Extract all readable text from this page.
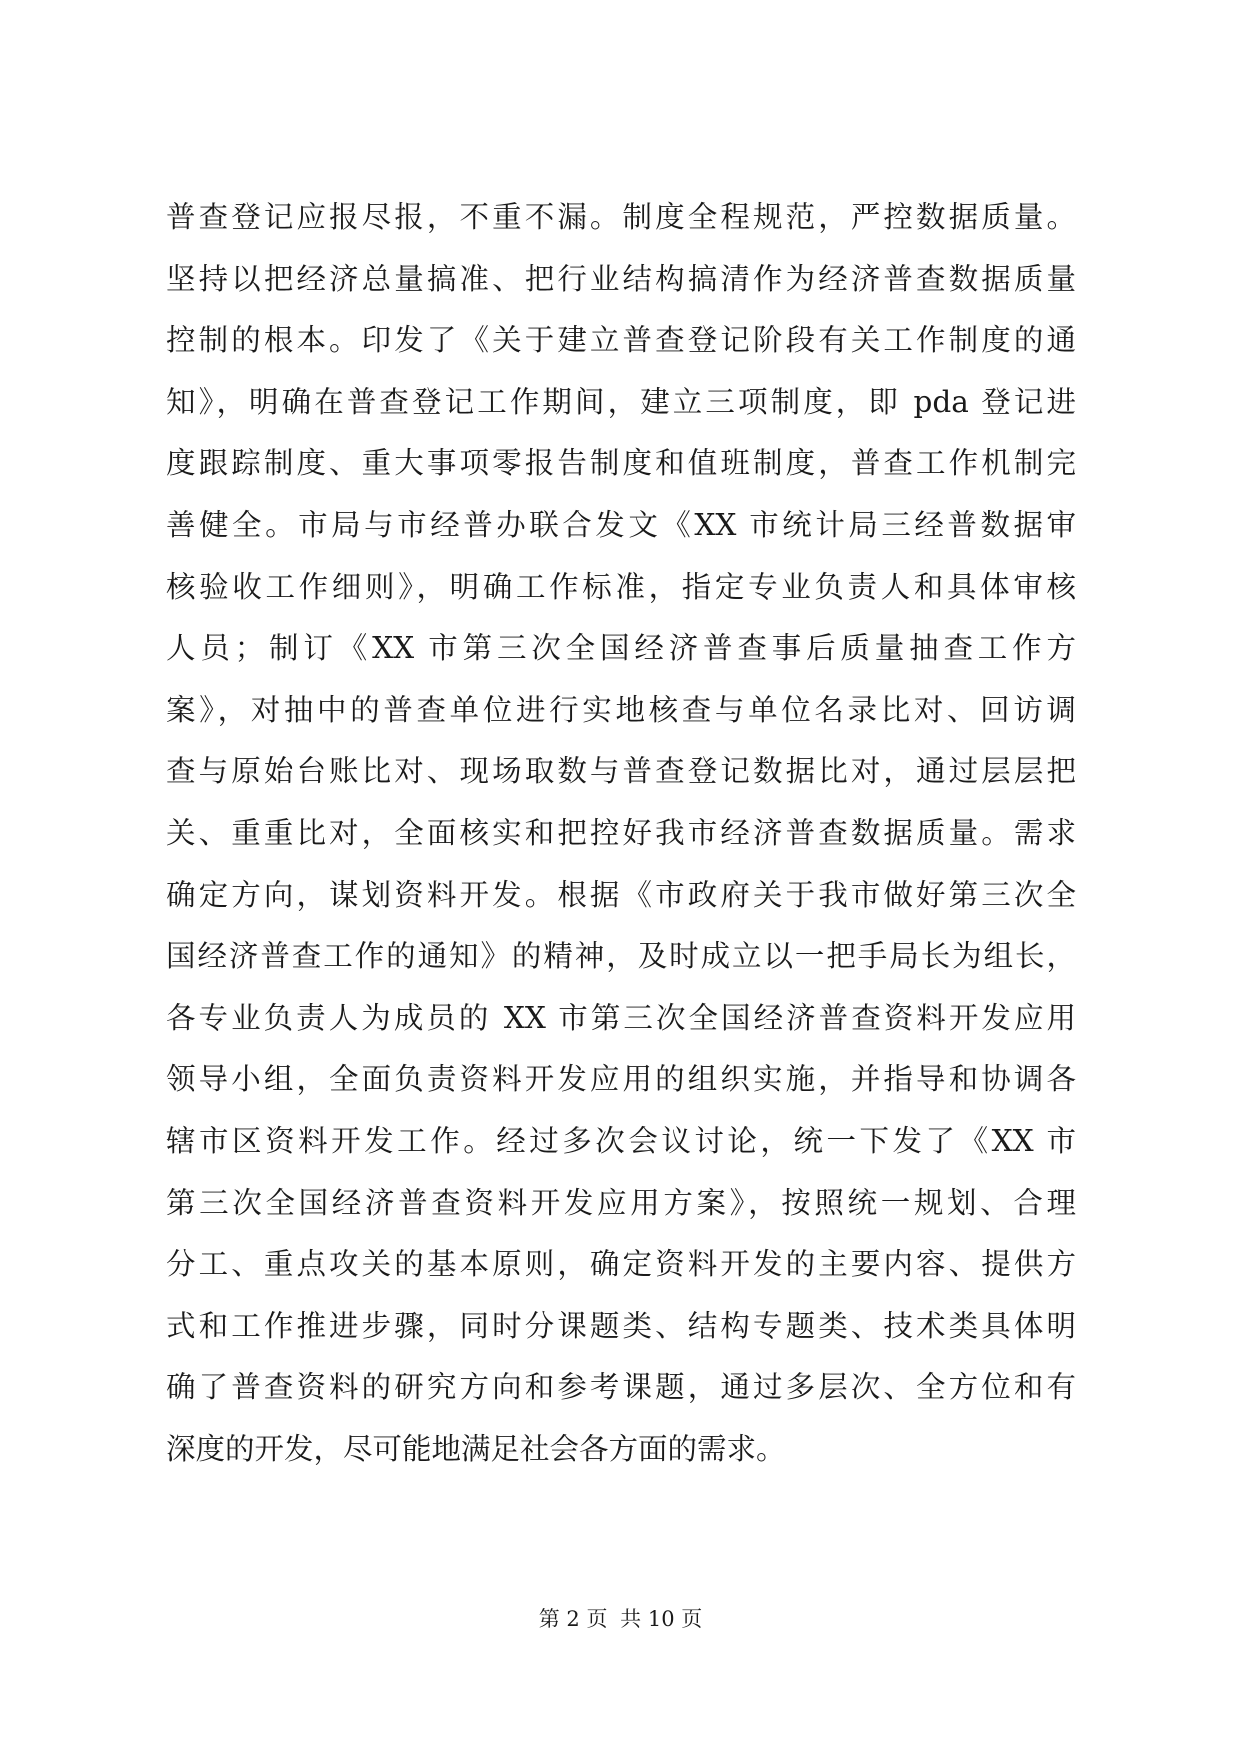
普查登记应报尽报，不重不漏。制度全程规范，严控数据质量。
坚持以把经济总量搞准、把行业结构搞清作为经济普查数据质量
控制的根本。印发了《关于建立普查登记阶段有关工作制度的通
知》，明确在普查登记工作期间，建立三项制度，即 pda 登记进
度跟踪制度、重大事项零报告制度和值班制度，普查工作机制完
善健全。市局与市经普办联合发文《XX 市统计局三经普数据审
核验收工作细则》，明确工作标准，指定专业负责人和具体审核
人员；制订《XX 市第三次全国经济普查事后质量抽查工作方
案》，对抽中的普查单位进行实地核查与单位名录比对、回访调
查与原始台账比对、现场取数与普查登记数据比对，通过层层把
关、重重比对，全面核实和把控好我市经济普查数据质量。需求
确定方向，谋划资料开发。根据《市政府关于我市做好第三次全
国经济普查工作的通知》的精神，及时成立以一把手局长为组长，
各专业负责人为成员的 XX 市第三次全国经济普查资料开发应用
领导小组，全面负责资料开发应用的组织实施，并指导和协调各
辖市区资料开发工作。经过多次会议讨论，统一下发了《XX 市
第三次全国经济普查资料开发应用方案》，按照统一规划、合理
分工、重点攻关的基本原则，确定资料开发的主要内容、提供方
式和工作推进步骤，同时分课题类、结构专题类、技术类具体明
确了普查资料的研究方向和参考课题，通过多层次、全方位和有
深度的开发，尽可能地满足社会各方面的需求。
第 2 页 共 10 页
